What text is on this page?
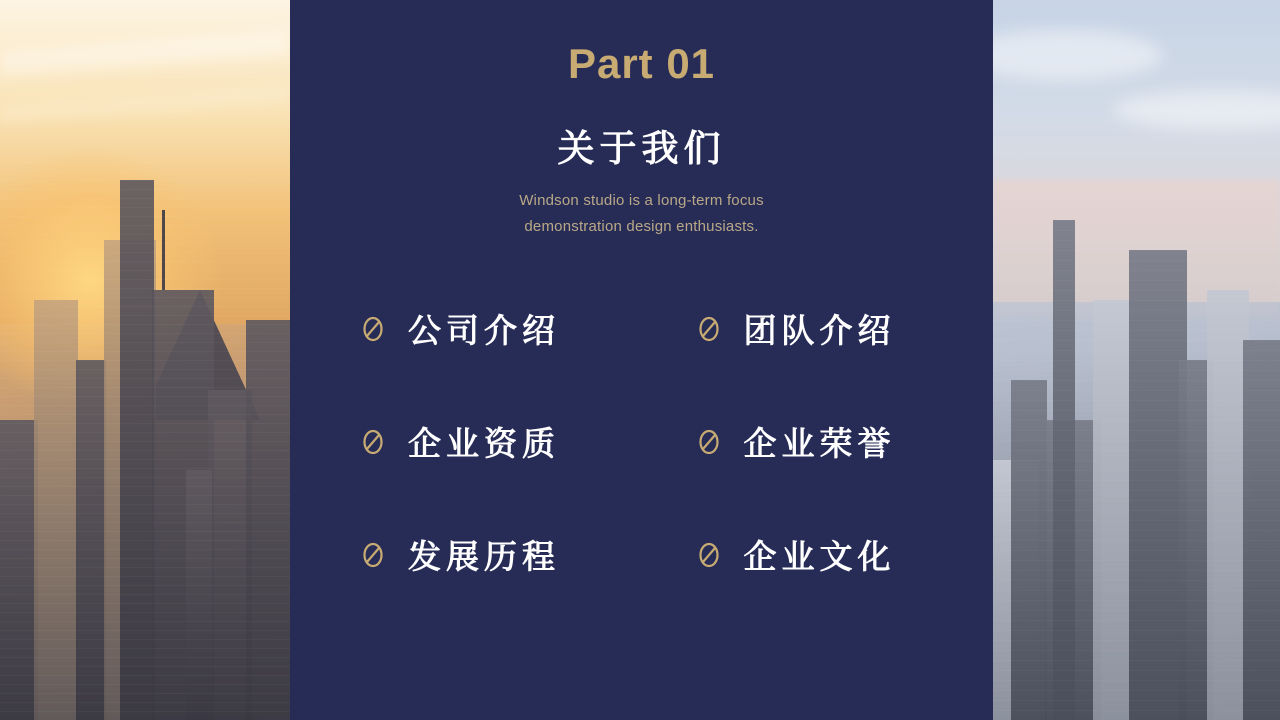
Part 01
关于我们
Windson studio is a long-term focus
demonstration design enthusiasts.
公司介绍	团队介绍
企业资质	企业荣誉
发展历程	企业文化
